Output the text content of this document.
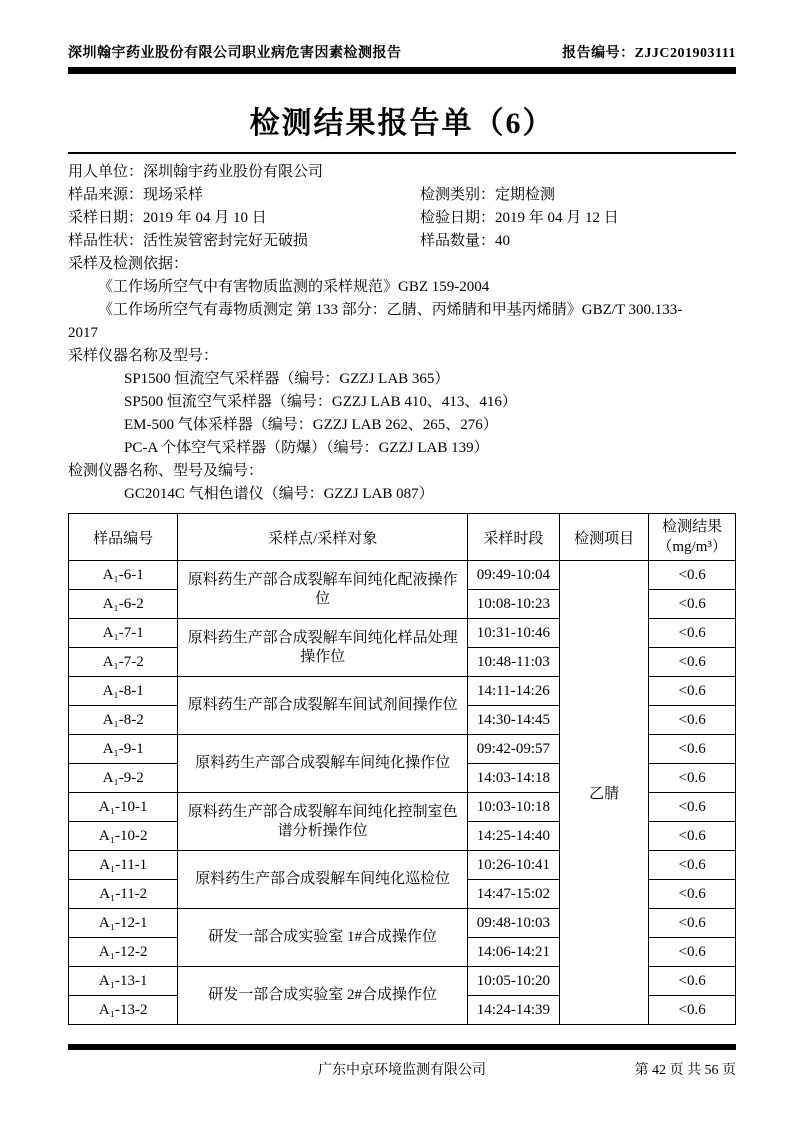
深圳翰宇药业股份有限公司职业病危害因素检测报告	报告编号：ZJJC201903111
检测结果报告单（6）
用人单位： 深圳翰宇药业股份有限公司
样品来源：现场采样	检测类别：定期检测
采样日期：2019 年 04 月 10 日	检验日期：2019 年 04 月 12 日
样品性状：活性炭管密封完好无破损	样品数量：40
采样及检测依据：
《工作场所空气中有害物质监测的采样规范》GBZ 159-2004
《工作场所空气有毒物质测定 第 133 部分：乙腈、丙烯腈和甲基丙烯腈》GBZ/T 300.133-
2017
采样仪器名称及型号：
SP1500 恒流空气采样器（编号：GZZJ LAB 365）
SP500 恒流空气采样器（编号：GZZJ LAB 410、413、416）
EM-500 气体采样器（编号：GZZJ LAB 262、265、276）
PC-A 个体空气采样器（防爆）（编号：GZZJ LAB 139）
检测仪器名称、型号及编号：
GC2014C 气相色谱仪（编号：GZZJ LAB 087）
样品编号	采样点/采样对象	采样时段	检测项目	检测结果
（mg/m³）

A₁-6-1	原料药生产部合成裂解车间纯化配液操作位	09:49-10:04	乙腈	<0.6
A₁-6-2		10:08-10:23		<0.6
A₁-7-1	原料药生产部合成裂解车间纯化样品处理操作位	10:31-10:46		<0.6
A₁-7-2		10:48-11:03		<0.6
A₁-8-1	原料药生产部合成裂解车间试剂间操作位	14:11-14:26		<0.6
A₁-8-2		14:30-14:45		<0.6
A₁-9-1	原料药生产部合成裂解车间纯化操作位	09:42-09:57		<0.6
A₁-9-2		14:03-14:18		<0.6
A₁-10-1	原料药生产部合成裂解车间纯化控制室色谱分析操作位	10:03-10:18		<0.6
A₁-10-2		14:25-14:40		<0.6
A₁-11-1	原料药生产部合成裂解车间纯化巡检位	10:26-10:41		<0.6
A₁-11-2		14:47-15:02		<0.6
A₁-12-1	研发一部合成实验室 1#合成操作位	09:48-10:03		<0.6
A₁-12-2		14:06-14:21		<0.6
A₁-13-1	研发一部合成实验室 2#合成操作位	10:05-10:20		<0.6
A₁-13-2		14:24-14:39		<0.6
广东中京环境监测有限公司	第 42 页 共 56 页
